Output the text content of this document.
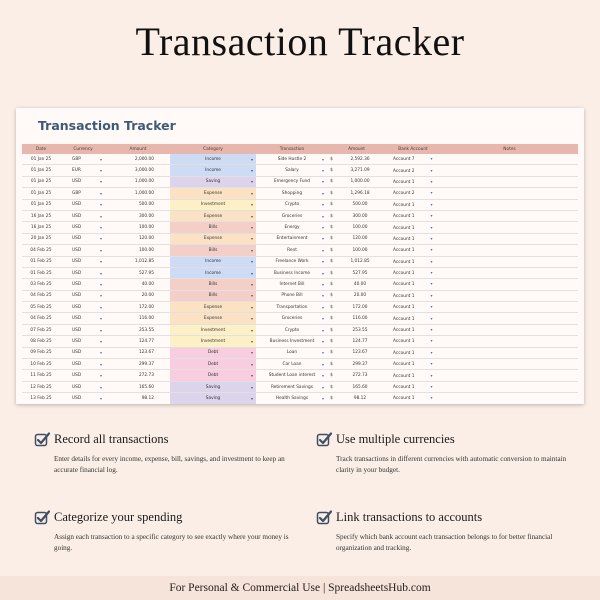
Transaction Tracker
Transaction Tracker
Date	Currency	Amount	Category	Transaction	Amount		Bank Account	Notes
01 Jan 25	GBP ▾	2,000.00	Income ▾	Side Hustle 2 ▾	$	2,592.36	Account 7 ▾	
01 Jan 25	EUR ▾	3,000.00	Income ▾	Salary ▾	$	3,271.09	Account 2 ▾	
01 Jan 25	USD ▾	1,000.00	Saving ▾	Emergency Fund ▾	$	1,000.00	Account 1 ▾	
01 Jan 25	GBP ▾	1,000.00	Expense ▾	Shopping ▾	$	1,296.18	Account 2 ▾	
01 Jan 25	USD ▾	500.00	Investment ▾	Crypto ▾	$	500.00	Account 1 ▾	
16 Jan 25	USD ▾	300.00	Expense ▾	Groceries ▾	$	300.00	Account 1 ▾	
16 Jan 25	USD ▾	100.00	Bills ▾	Energy ▾	$	100.00	Account 1 ▾	
20 Jan 25	USD ▾	120.00	Expense ▾	Entertainment ▾	$	120.00	Account 1 ▾	
04 Feb 25	USD ▾	100.00	Bills ▾	Rent ▾	$	100.00	Account 1 ▾	
01 Feb 25	USD ▾	1,012.85	Income ▾	Freelance Work ▾	$	1,012.85	Account 1 ▾	
01 Feb 25	USD ▾	527.95	Income ▾	Business Income ▾	$	527.95	Account 1 ▾	
03 Feb 25	USD ▾	40.00	Bills ▾	Internet Bill ▾	$	40.00	Account 1 ▾	
04 Feb 25	USD ▾	20.00	Bills ▾	Phone Bill ▾	$	20.00	Account 1 ▾	
05 Feb 25	USD ▾	172.00	Expense ▾	Transportation ▾	$	172.00	Account 1 ▾	
04 Feb 25	USD ▾	116.00	Expense ▾	Groceries ▾	$	116.00	Account 1 ▾	
07 Feb 25	USD ▾	253.55	Investment ▾	Crypto ▾	$	253.55	Account 1 ▾	
08 Feb 25	USD ▾	124.77	Investment ▾	Business Investment ▾	$	124.77	Account 1 ▾	
09 Feb 25	USD ▾	123.67	Debt ▾	Loan ▾	$	123.67	Account 1 ▾	
10 Feb 25	USD ▾	299.37	Debt ▾	Car Loan ▾	$	299.37	Account 1 ▾	
11 Feb 25	USD ▾	272.73	Debt ▾	Student Loan interest ▾	$	272.73	Account 1 ▾	
12 Feb 25	USD ▾	165.60	Saving ▾	Retirement Savings ▾	$	165.60	Account 1 ▾	
13 Feb 25	USD ▾	98.12	Saving ▾	Health Savings ▾	$	98.12	Account 1 ▾	
Record all transactions
Enter details for every income, expense, bill, savings, and investment to keep an accurate financial log.
Use multiple currencies
Track transactions in different currencies with automatic conversion to maintain clarity in your budget.
Categorize your spending
Assign each transaction to a specific category to see exactly where your money is going.
Link transactions to accounts
Specify which bank account each transaction belongs to for better financial organization and tracking.
For Personal & Commercial Use | SpreadsheetsHub.com
